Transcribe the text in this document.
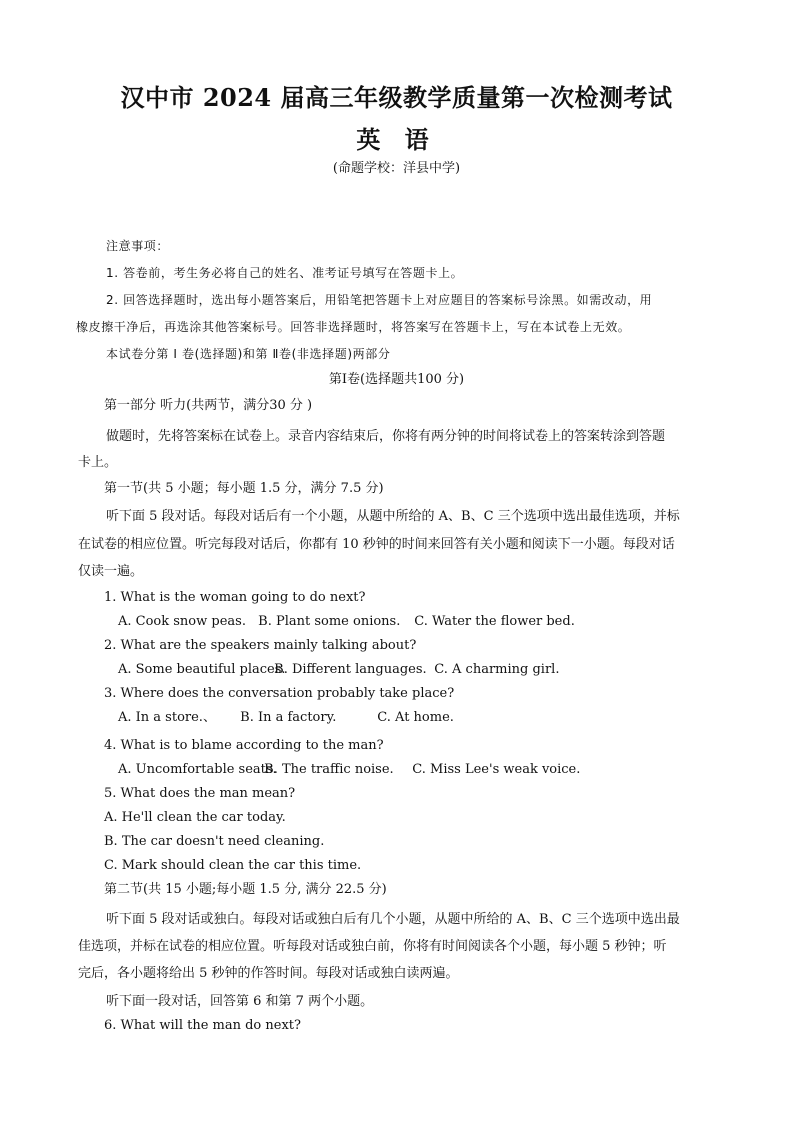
汉中市 2024 届高三年级教学质量第一次检测考试
英 语
(命题学校：洋县中学)
注意事项：
1. 答卷前，考生务必将自己的姓名、准考证号填写在答题卡上。
2. 回答选择题时，选出每小题答案后，用铅笔把答题卡上对应题目的答案标号涂黑。如需改动，用
橡皮擦干净后，再选涂其他答案标号。回答非选择题时，将答案写在答题卡上，写在本试卷上无效。
本试卷分第 Ⅰ 卷(选择题)和第 Ⅱ卷(非选择题)两部分
第Ⅰ卷(选择题共100 分)
第一部分 听力(共两节，满分30 分 )
做题时，先将答案标在试卷上。录音内容结束后，你将有两分钟的时间将试卷上的答案转涂到答题
卡上。
第一节(共 5 小题；每小题 1.5 分，满分 7.5 分)
听下面 5 段对话。每段对话后有一个小题，从题中所给的 A、B、C 三个选项中选出最佳选项，并标
在试卷的相应位置。听完每段对话后，你都有 10 秒钟的时间来回答有关小题和阅读下一小题。每段对话
仅读一遍。
1. What is the woman going to do next?
A. Cook snow peas. B. Plant some onions. C. Water the flower bed.
2. What are the speakers mainly talking about?
A. Some beautiful places. B. Different languages. C. A charming girl.
3. Where does the conversation probably take place?
A. In a store.、 B. In a factory.	C. At home.
4. What is to blame according to the man?
A. Uncomfortable seats. B. The traffic noise. C. Miss Lee's weak voice.
5. What does the man mean?
A. He'll clean the car today.
B. The car doesn't need cleaning.
C. Mark should clean the car this time.
第二节(共 15 小题;每小题 1.5 分, 满分 22.5 分)
听下面 5 段对话或独白。每段对话或独白后有几个小题，从题中所给的 A、B、C 三个选项中选出最
佳选项，并标在试卷的相应位置。听每段对话或独白前，你将有时间阅读各个小题，每小题 5 秒钟；听
完后，各小题将给出 5 秒钟的作答时间。每段对话或独白读两遍。
听下面一段对话，回答第 6 和第 7 两个小题。
6. What will the man do next?
